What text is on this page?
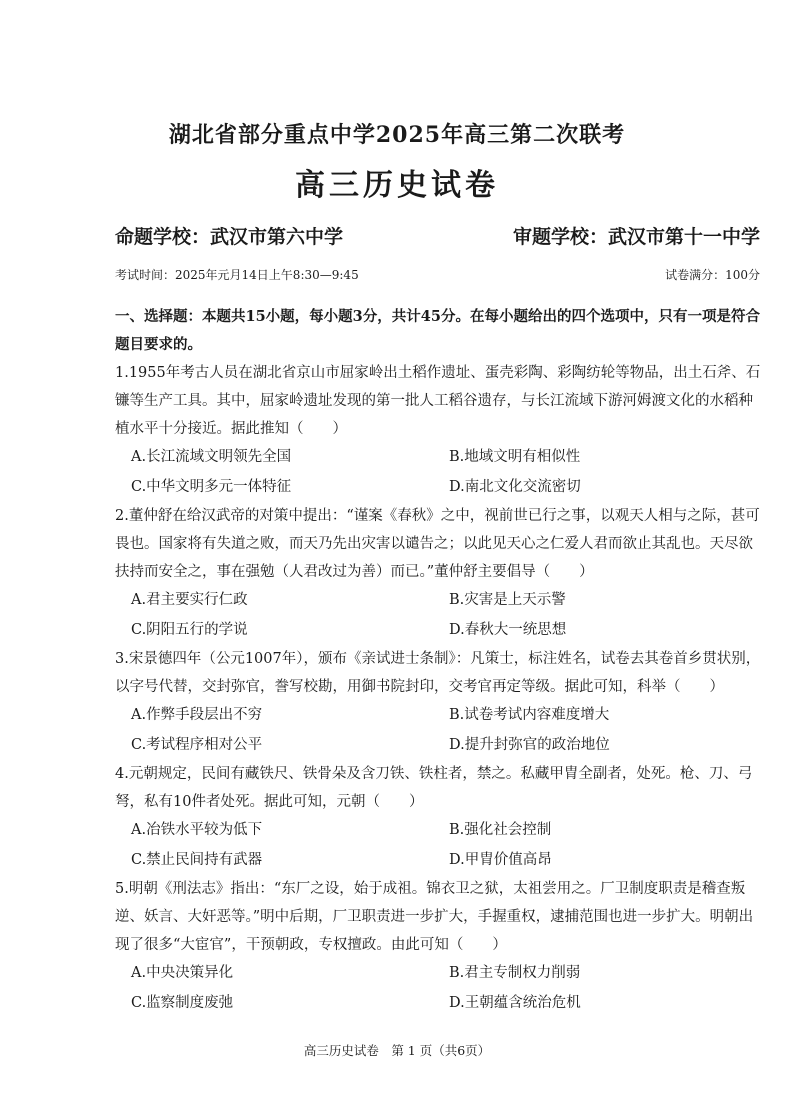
湖北省部分重点中学2025年高三第二次联考
高三历史试卷
命题学校：武汉市第六中学	审题学校：武汉市第十一中学
考试时间：2025年元月14日上午8:30—9:45	试卷满分：100分

一、选择题：本题共15小题，每小题3分，共计45分。在每小题给出的四个选项中，只有一项是符合题目要求的。

1.1955年考古人员在湖北省京山市屈家岭出土稻作遗址、蛋壳彩陶、彩陶纺轮等物品，出土石斧、石镰等生产工具。其中，屈家岭遗址发现的第一批人工稻谷遗存，与长江流域下游河姆渡文化的水稻种植水平十分接近。据此推知（　　）

A.长江流域文明领先全国	B.地域文明有相似性
C.中华文明多元一体特征	D.南北文化交流密切

2.董仲舒在给汉武帝的对策中提出：“谨案《春秋》之中，视前世已行之事，以观天人相与之际，甚可畏也。国家将有失道之败，而天乃先出灾害以谴告之；以此见天心之仁爱人君而欲止其乱也。天尽欲扶持而安全之，事在强勉（人君改过为善）而已。”董仲舒主要倡导（　　）

A.君主要实行仁政	B.灾害是上天示警
C.阴阳五行的学说	D.春秋大一统思想

3.宋景德四年（公元1007年），颁布《亲试进士条制》：凡策士，标注姓名，试卷去其卷首乡贯状别，以字号代替，交封弥官，誊写校勘，用御书院封印，交考官再定等级。据此可知，科举（　　）

A.作弊手段层出不穷	B.试卷考试内容难度增大
C.考试程序相对公平	D.提升封弥官的政治地位

4.元朝规定，民间有藏铁尺、铁骨朵及含刀铁、铁柱者，禁之。私藏甲胄全副者，处死。枪、刀、弓弩，私有10件者处死。据此可知，元朝（　　）

A.冶铁水平较为低下	B.强化社会控制
C.禁止民间持有武器	D.甲胄价值高昂

5.明朝《刑法志》指出：“东厂之设，始于成祖。锦衣卫之狱，太祖尝用之。厂卫制度职责是稽查叛逆、妖言、大奸恶等。”明中后期，厂卫职责进一步扩大，手握重权，逮捕范围也进一步扩大。明朝出现了很多“大宦官”，干预朝政，专权擅政。由此可知（　　）

A.中央决策异化	B.君主专制权力削弱
C.监察制度废弛	D.王朝蕴含统治危机
高三历史试卷　第 1 页（共6页）
